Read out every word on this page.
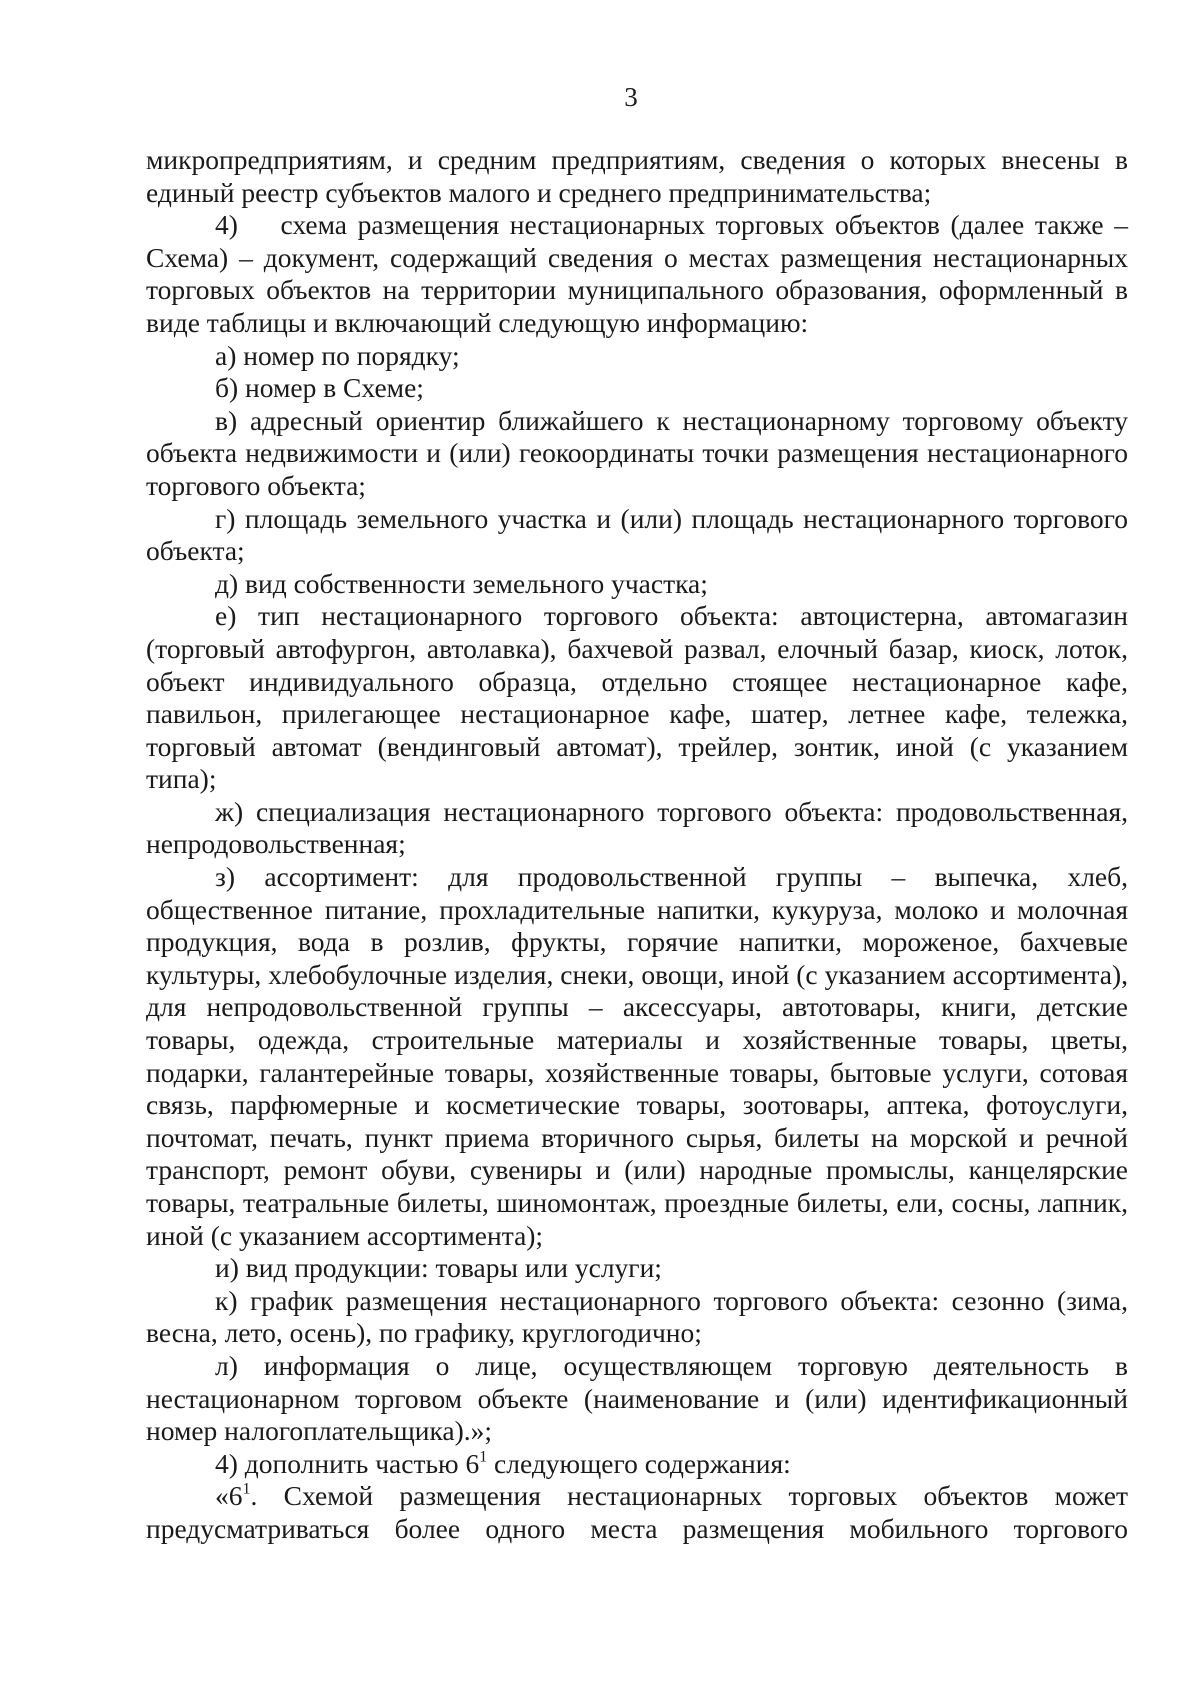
3

микропредприятиям, и средним предприятиям, сведения о которых внесены в единый реестр субъектов малого и среднего предпринимательства;

4)    схема размещения нестационарных торговых объектов (далее также – Схема) – документ, содержащий сведения о местах размещения нестационарных торговых объектов на территории муниципального образования, оформленный в виде таблицы и включающий следующую информацию:

а) номер по порядку;

б) номер в Схеме;

в) адресный ориентир ближайшего к нестационарному торговому объекту объекта недвижимости и (или) геокоординаты точки размещения нестационарного торгового объекта;

г) площадь земельного участка и (или) площадь нестационарного торгового объекта;

д) вид собственности земельного участка;

е) тип нестационарного торгового объекта: автоцистерна, автомагазин (торговый автофургон, автолавка), бахчевой развал, елочный базар, киоск, лоток, объект индивидуального образца, отдельно стоящее нестационарное кафе, павильон, прилегающее нестационарное кафе, шатер, летнее кафе, тележка, торговый автомат (вендинговый автомат), трейлер, зонтик, иной (с указанием типа);

ж) специализация нестационарного торгового объекта: продовольственная, непродовольственная;

з) ассортимент: для продовольственной группы – выпечка, хлеб, общественное питание, прохладительные напитки, кукуруза, молоко и молочная продукция, вода в розлив, фрукты, горячие напитки, мороженое, бахчевые культуры, хлебобулочные изделия, снеки, овощи, иной (с указанием ассортимента), для непродовольственной группы – аксессуары, автотовары, книги, детские товары, одежда, строительные материалы и хозяйственные товары, цветы, подарки, галантерейные товары, хозяйственные товары, бытовые услуги, сотовая связь, парфюмерные и косметические товары, зоотовары, аптека, фотоуслуги, почтомат, печать, пункт приема вторичного сырья, билеты на морской и речной транспорт, ремонт обуви, сувениры и (или) народные промыслы, канцелярские товары, театральные билеты, шиномонтаж, проездные билеты, ели, сосны, лапник, иной (с указанием ассортимента);

и) вид продукции: товары или услуги;

к) график размещения нестационарного торгового объекта: сезонно (зима, весна, лето, осень), по графику, круглогодично;

л) информация о лице, осуществляющем торговую деятельность в нестационарном торговом объекте (наименование и (или) идентификационный номер налогоплательщика).»;

4) дополнить частью $6^1$ следующего содержания:

«$6^1$. Схемой размещения нестационарных торговых объектов может предусматриваться более одного места размещения мобильного торгового
